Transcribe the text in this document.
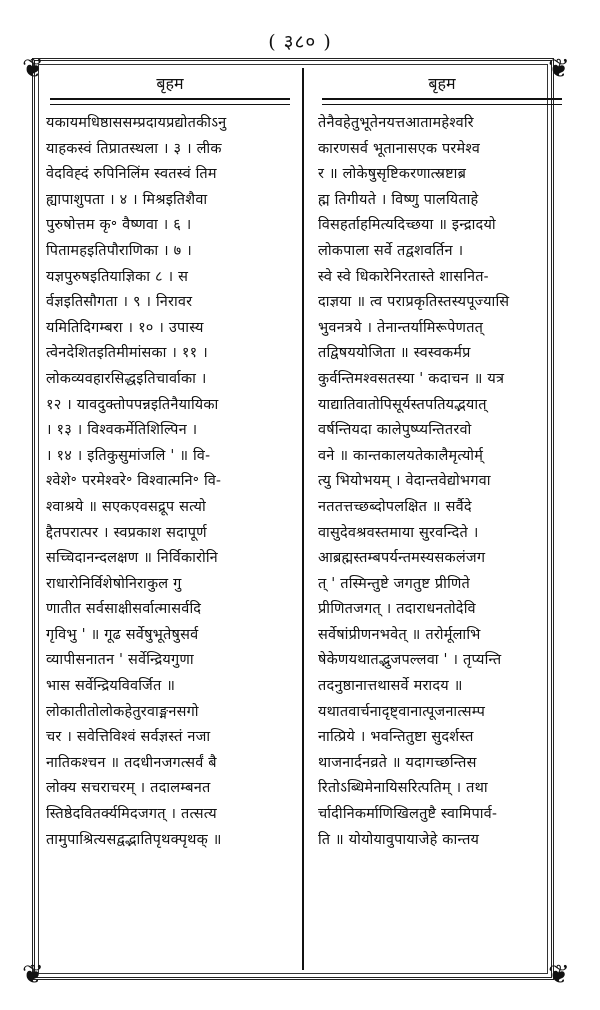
( ३८० )
❦	❦
❦	❦
बृहम
यकायमधिष्ठाससम्प्रदायप्रद्योतकीऽनु
याहकस्वं तिप्रातस्थला । ३ । लीक
वेदविह्दं रुपिनिलिंम स्वतस्वं तिम
ह्यापाशुपता । ४ । मिश्रइतिशैवा
पुरुषोत्तम कृ॰ वैष्णवा । ६ ।
पितामहइतिपौराणिका । ७ ।
यज्ञपुरुषइतियाज्ञिका ८ । स
र्वज्ञइतिसौगता । ९ । निरावर
यमितिदिगम्बरा । १० । उपास्य
त्वेनदेशितइतिमीमांसका । ११ ।
लोकव्यवहारसिद्धइतिचार्वाका ।
१२ । यावदुक्तोपपन्नइतिनैयायिका
। १३ । विश्वकर्मेतिशिल्पिन ।
। १४ । इतिकुसुमांजलि ' ॥ वि-
श्वेशे॰ परमेश्वरे॰ विश्वात्मनि॰ वि-
श्वाश्रये ॥ सएकएवसद्रूप सत्यो
द्दैतपरात्पर । स्वप्रकाश सदापूर्ण
सच्चिदानन्दलक्षण ॥ निर्विकारोनि
राधारोनिर्विशेषोनिराकुल गु
णातीत सर्वसाक्षीसर्वात्मासर्वदि
गृविभु ' ॥ गूढ सर्वेषुभूतेषुसर्व
व्यापीसनातन ' सर्वेन्द्रियगुणा
भास सर्वेन्द्रियविवर्जित ॥
लोकातीतोलोकहेतुरवाङ्मनसगो
चर । सवेत्तिविश्वं सर्वज्ञस्तं नजा
नातिकश्चन ॥ तदधीनजगत्सर्वं बै
लोक्य सचराचरम् । तदालम्बनत
स्तिष्ठेदवितर्क्यमिदजगत् । तत्सत्य
तामुपाश्रित्यसद्वद्भातिपृथक्पृथक् ॥
बृहम
तेनैवहेतुभूतेनयत्तआतामहेश्वरि
कारणसर्व भूतानासएक परमेश्व
र ॥ लोकेषुसृष्टिकरणात्स्रष्टाब्र
ह्म तिगीयते । विष्णु पालयिताहे
विसहर्ताहमित्यदिच्छया ॥ इन्द्रादयो
लोकपाला सर्वे तद्वशवर्तिन ।
स्वे स्वे धिकारेनिरतास्ते शासनित-
दाज्ञया ॥ त्व पराप्रकृतिस्तस्यपूज्यासि
भुवनत्रये । तेनान्तर्यामिरूपेणतत्
तद्विषययोजिता ॥ स्वस्वकर्मप्र
कुर्वन्तिमश्वसतस्या ' कदाचन ॥ यत्र
याद्यातिवातोपिसूर्यस्तपतियद्भयात्
वर्षन्तियदा कालेपुष्प्यन्तितरवो
वने ॥ कान्तकालयतेकालैमृत्योर्म्
त्यु भियोभयम् । वेदान्तवेद्योभगवा
नततत्तच्छब्दोपलक्षित ॥ सर्वैदे
वासुदेवश्रवस्तमाया सुरवन्दिते ।
आब्रह्मस्तम्बपर्यन्तमस्यसकलंजग
त् ' तस्मिन्तुष्टे जगतुष्ट प्रीणिते
प्रीणितजगत् । तदाराधनतोदेवि
सर्वेषांप्रीणनभवेत् ॥ तरोर्मूलाभि
षेकेणयथातद्भुजपल्लवा ' । तृप्यन्ति
तदनुष्ठानात्तथासर्वे मरादय ॥
यथातवार्चनादृष्ट्वानात्पूजनात्सम्प
नात्प्रिये । भवन्तितुष्टा सुदर्शस्त
थाजनार्दनव्रते ॥ यदागच्छन्तिस
रितोऽब्धिमेनायिसरित्पतिम् । तथा
र्चादीनिकर्माणिखिलतुष्टै स्वामिपार्व-
ति ॥ योयोयावुपायाजेहे कान्तय
